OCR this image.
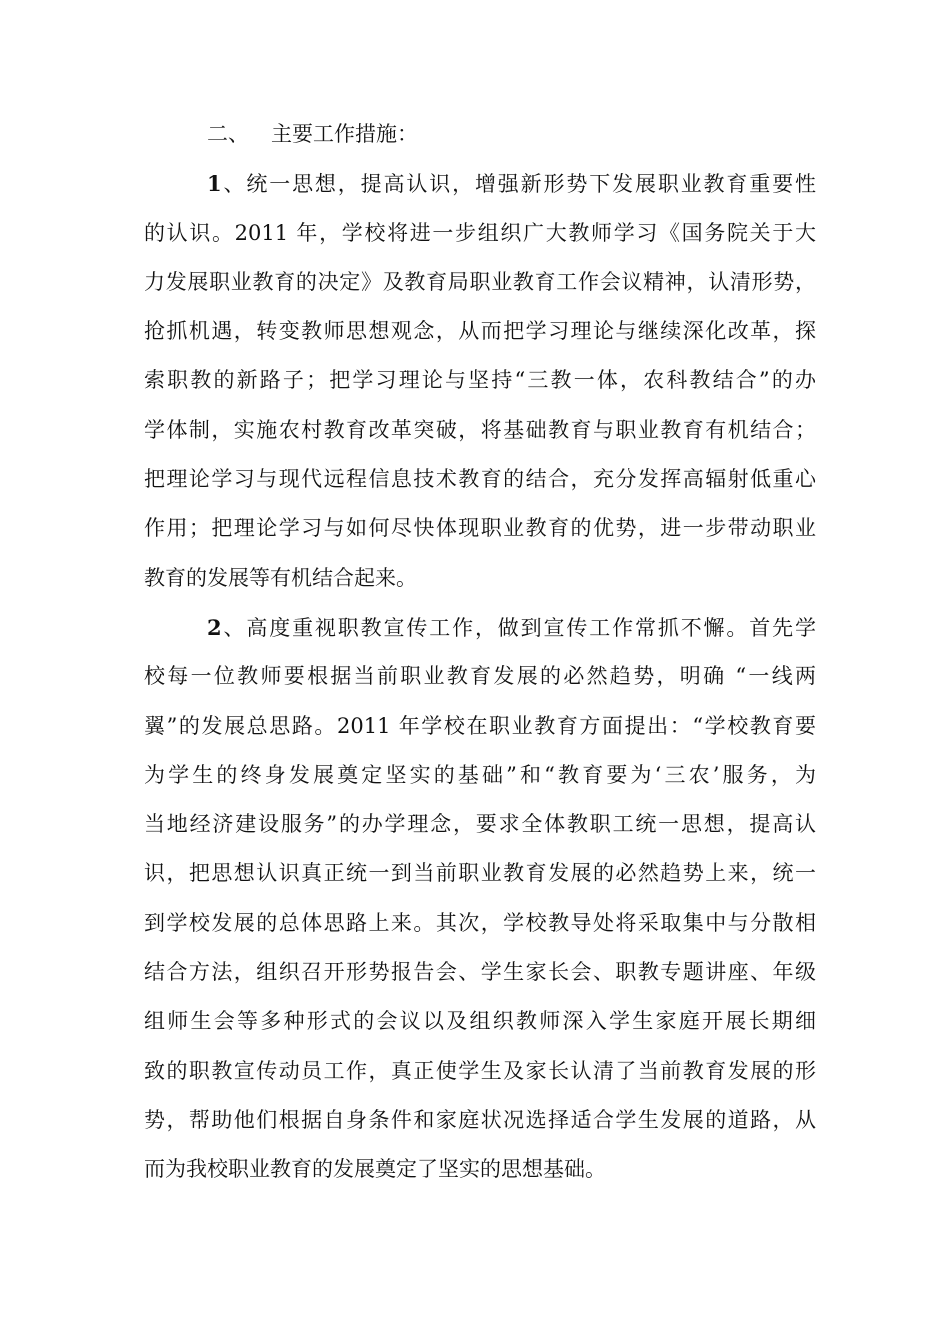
二、 主要工作措施：
1、统一思想，提高认识，增强新形势下发展职业教育重要性
的认识。2011 年，学校将进一步组织广大教师学习《国务院关于大
力发展职业教育的决定》及教育局职业教育工作会议精神，认清形势，
抢抓机遇，转变教师思想观念，从而把学习理论与继续深化改革，探
索职教的新路子；把学习理论与坚持“三教一体，农科教结合”的办
学体制，实施农村教育改革突破，将基础教育与职业教育有机结合；
把理论学习与现代远程信息技术教育的结合，充分发挥高辐射低重心
作用；把理论学习与如何尽快体现职业教育的优势，进一步带动职业
教育的发展等有机结合起来。
2、高度重视职教宣传工作，做到宣传工作常抓不懈。首先学
校每一位教师要根据当前职业教育发展的必然趋势，明确 “一线两
翼”的发展总思路。2011 年学校在职业教育方面提出：“学校教育要
为学生的终身发展奠定坚实的基础”和“教育要为‘三农’服务，为
当地经济建设服务”的办学理念，要求全体教职工统一思想，提高认
识，把思想认识真正统一到当前职业教育发展的必然趋势上来，统一
到学校发展的总体思路上来。其次，学校教导处将采取集中与分散相
结合方法，组织召开形势报告会、学生家长会、职教专题讲座、年级
组师生会等多种形式的会议以及组织教师深入学生家庭开展长期细
致的职教宣传动员工作，真正使学生及家长认清了当前教育发展的形
势，帮助他们根据自身条件和家庭状况选择适合学生发展的道路，从
而为我校职业教育的发展奠定了坚实的思想基础。
